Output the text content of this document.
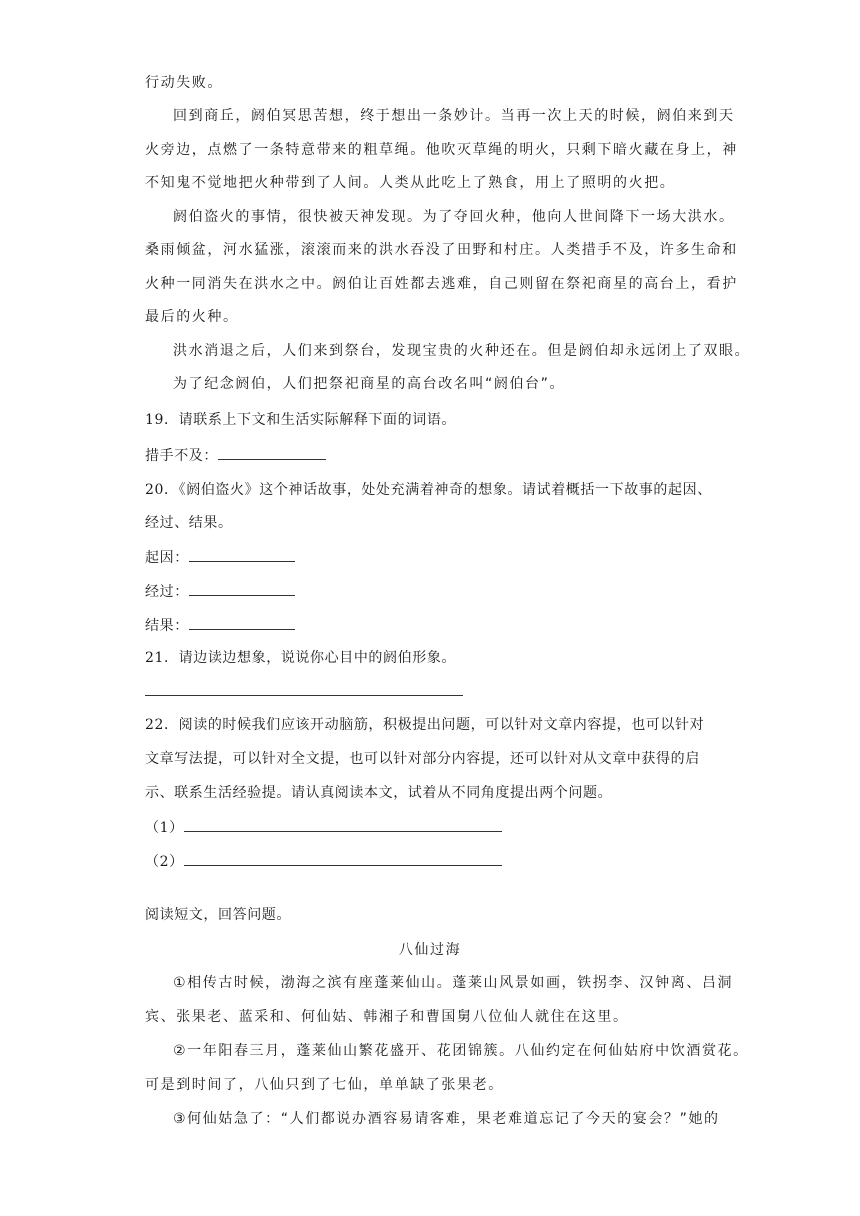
行动失败。
回到商丘，阏伯冥思苦想，终于想出一条妙计。当再一次上天的时候，阏伯来到天
火旁边，点燃了一条特意带来的粗草绳。他吹灭草绳的明火，只剩下暗火藏在身上，神
不知鬼不觉地把火种带到了人间。人类从此吃上了熟食，用上了照明的火把。
阏伯盗火的事情，很快被天神发现。为了夺回火种，他向人世间降下一场大洪水。
桑雨倾盆，河水猛涨，滚滚而来的洪水吞没了田野和村庄。人类措手不及，许多生命和
火种一同消失在洪水之中。阏伯让百姓都去逃难，自己则留在祭祀商星的高台上，看护
最后的火种。
洪水消退之后，人们来到祭台，发现宝贵的火种还在。但是阏伯却永远闭上了双眼。
为了纪念阏伯，人们把祭祀商星的高台改名叫“阏伯台”。
19．请联系上下文和生活实际解释下面的词语。
措手不及：
20．《阏伯盗火》这个神话故事，处处充满着神奇的想象。请试着概括一下故事的起因、
经过、结果。
起因：
经过：
结果：
21．请边读边想象，说说你心目中的阏伯形象。
22．阅读的时候我们应该开动脑筋，积极提出问题，可以针对文章内容提，也可以针对
文章写法提，可以针对全文提，也可以针对部分内容提，还可以针对从文章中获得的启
示、联系生活经验提。请认真阅读本文，试着从不同角度提出两个问题。
（1）
（2）
阅读短文，回答问题。
八仙过海
①相传古时候，渤海之滨有座蓬莱仙山。蓬莱山风景如画，铁拐李、汉钟离、吕洞
宾、张果老、蓝采和、何仙姑、韩湘子和曹国舅八位仙人就住在这里。
②一年阳春三月，蓬莱仙山繁花盛开、花团锦簇。八仙约定在何仙姑府中饮酒赏花。
可是到时间了，八仙只到了七仙，单单缺了张果老。
③何仙姑急了：“人们都说办酒容易请客难，果老难道忘记了今天的宴会？”她的
